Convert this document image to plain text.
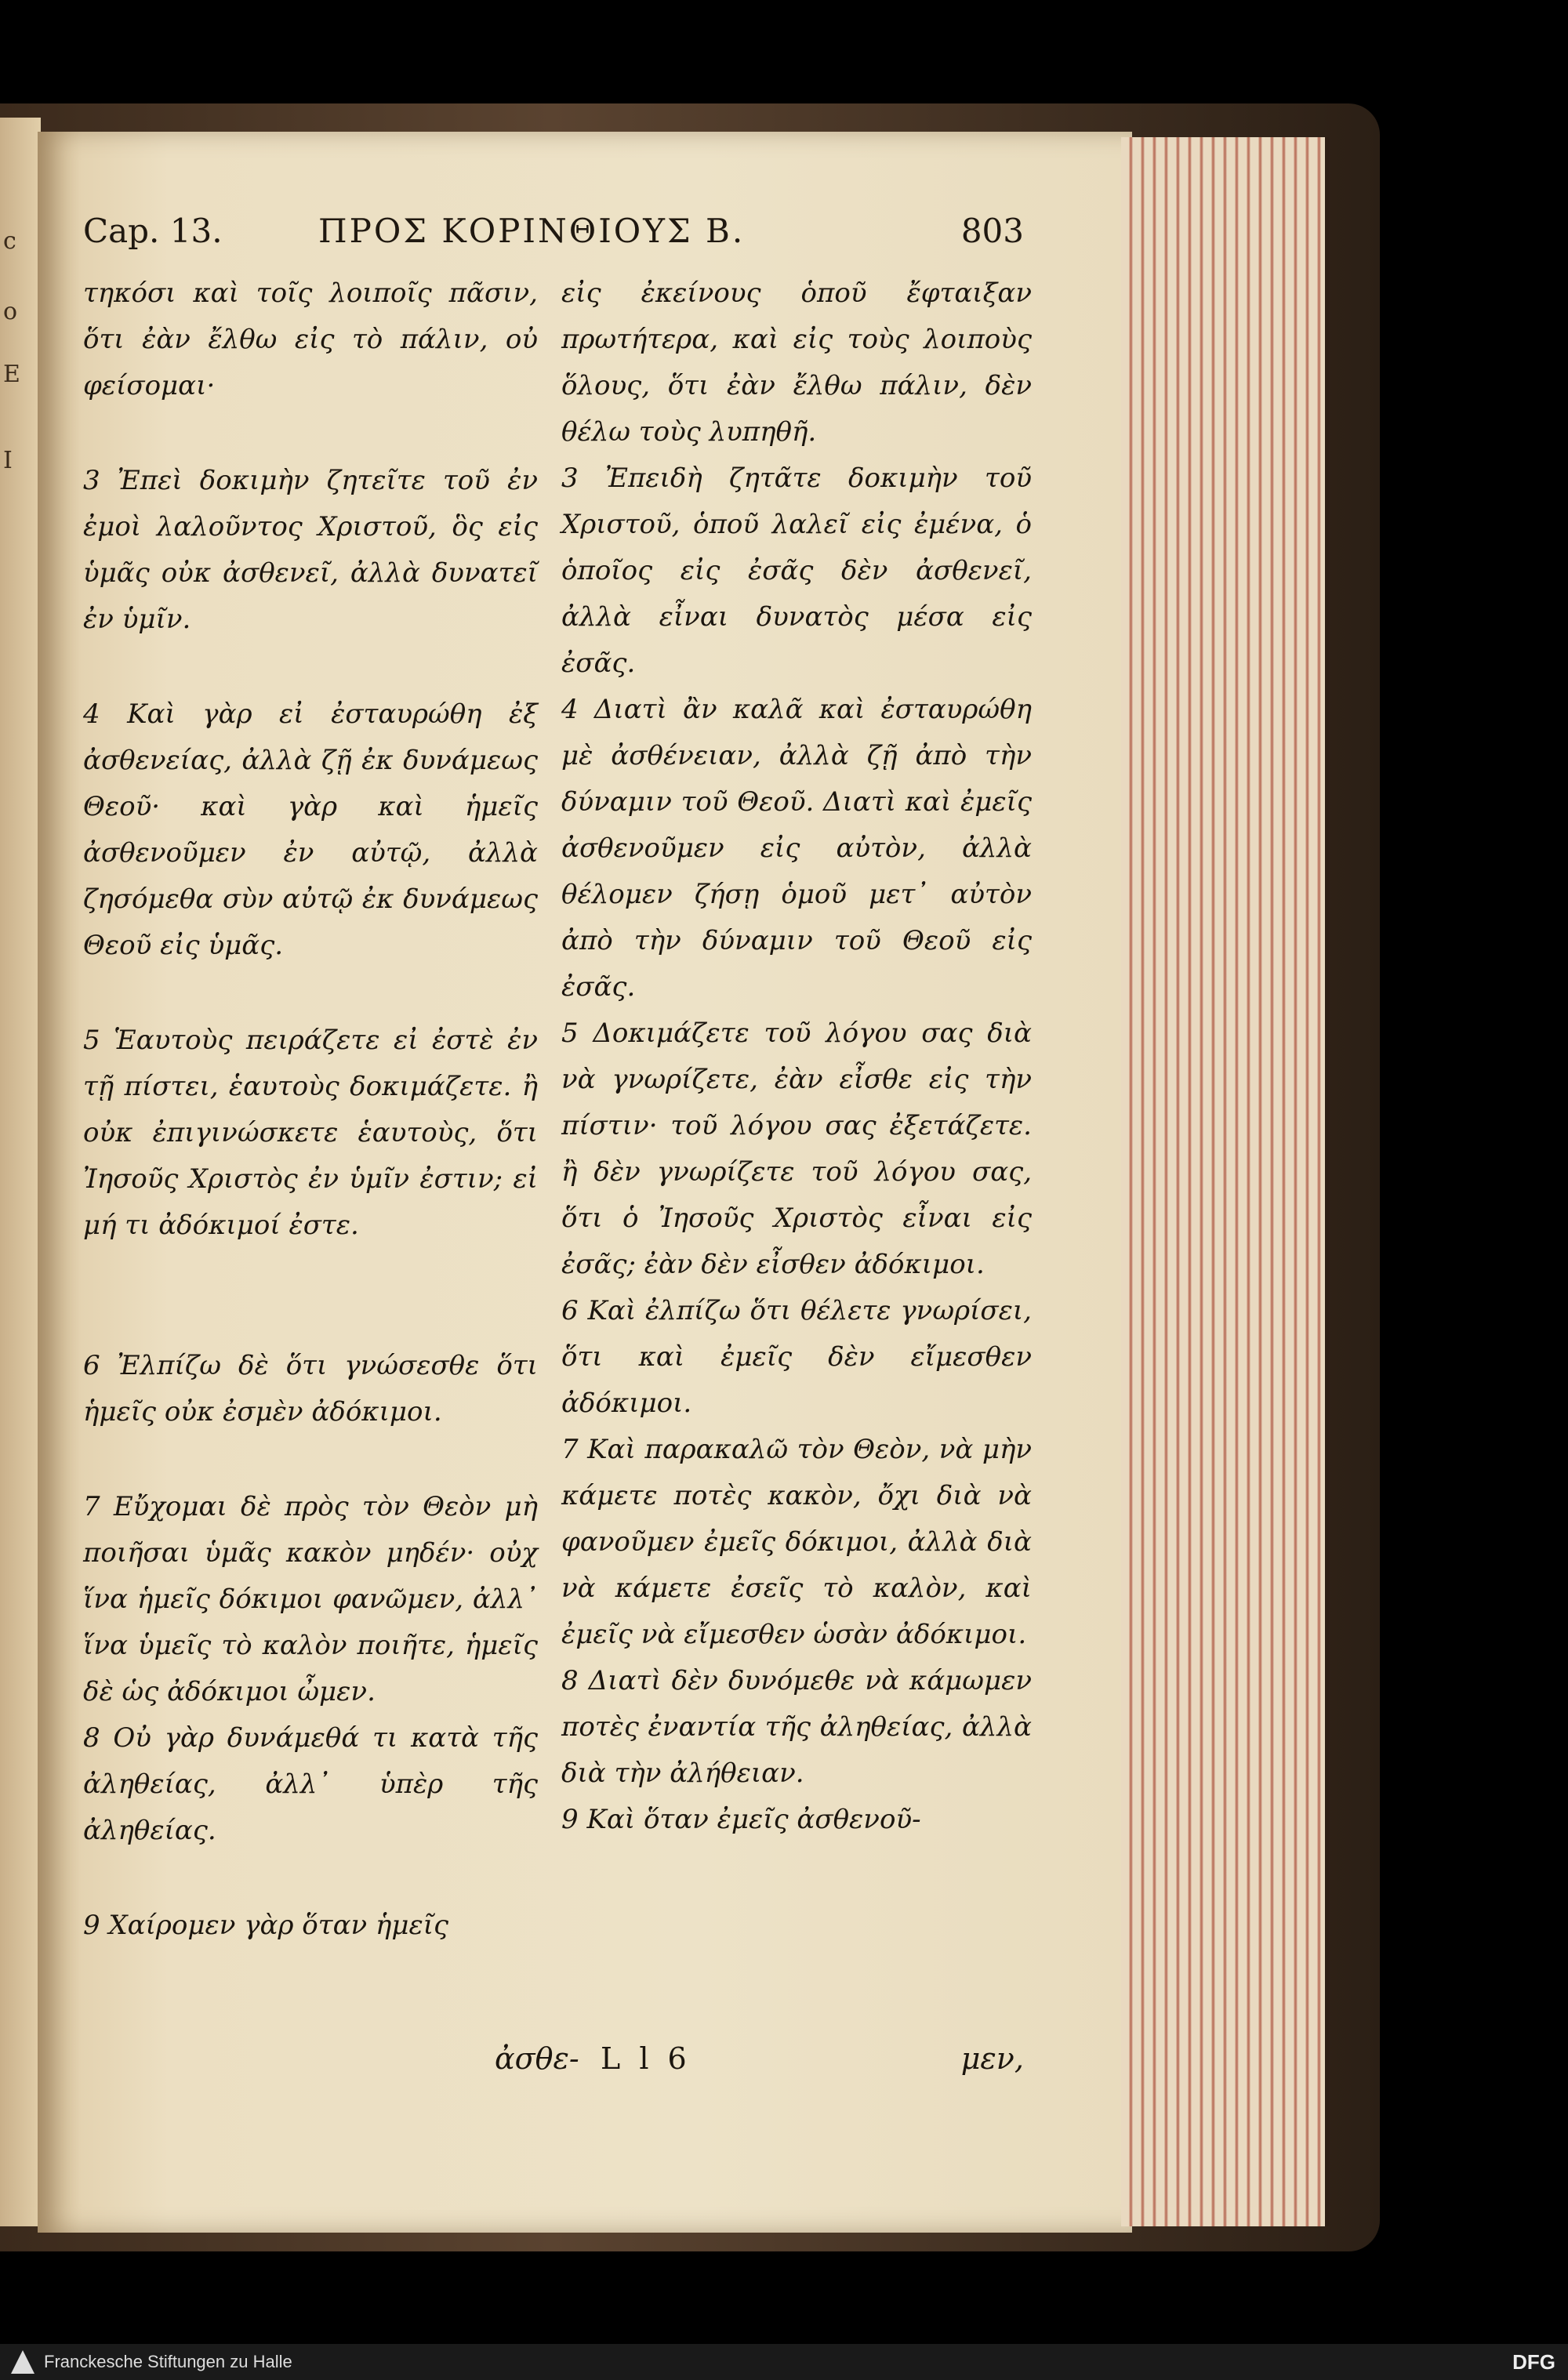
c
o
E
I
Cap. 13.	ΠΡΟΣ ΚΟΡΙΝΘΙΟΥΣ Β.	803

τηκόσι καὶ τοῖς λοιποῖς πᾶσιν, ὅτι ἐὰν ἔλθω εἰς τὸ πάλιν, οὐ φείσομαι·

3 Ἐπεὶ δοκιμὴν ζητεῖτε τοῦ ἐν ἐμοὶ λαλοῦντος Χριστοῦ, ὃς εἰς ὑμᾶς οὐκ ἀσθενεῖ, ἀλλὰ δυνατεῖ ἐν ὑμῖν.

4 Καὶ γὰρ εἰ ἐσταυρώθη ἐξ ἀσθενείας, ἀλλὰ ζῇ ἐκ δυνάμεως Θεοῦ· καὶ γὰρ καὶ ἡμεῖς ἀσθενοῦμεν ἐν αὐτῷ, ἀλλὰ ζησόμεθα σὺν αὐτῷ ἐκ δυνάμεως Θεοῦ εἰς ὑμᾶς.

5 Ἑαυτοὺς πειράζετε εἰ ἐστὲ ἐν τῇ πίστει, ἑαυτοὺς δοκιμάζετε. ἢ οὐκ ἐπιγινώσκετε ἑαυτοὺς, ὅτι Ἰησοῦς Χριστὸς ἐν ὑμῖν ἐστιν; εἰ μή τι ἀδόκιμοί ἐστε.

6 Ἐλπίζω δὲ ὅτι γνώσεσθε ὅτι ἡμεῖς οὐκ ἐσμὲν ἀδόκιμοι.

7 Εὔχομαι δὲ πρὸς τὸν Θεὸν μὴ ποιῆσαι ὑμᾶς κακὸν μηδέν· οὐχ ἵνα ἡμεῖς δόκιμοι φανῶμεν, ἀλλ᾽ ἵνα ὑμεῖς τὸ καλὸν ποιῆτε, ἡμεῖς δὲ ὡς ἀδόκιμοι ὦμεν.

8 Οὐ γὰρ δυνάμεθά τι κατὰ τῆς ἀληθείας, ἀλλ᾽ ὑπὲρ τῆς ἀληθείας.

9 Χαίρομεν γὰρ ὅταν ἡμεῖς

εἰς ἐκείνους ὁποῦ ἔφταιξαν πρωτήτερα, καὶ εἰς τοὺς λοιποὺς ὅλους, ὅτι ἐὰν ἔλθω πάλιν, δὲν θέλω τοὺς λυπηθῆ.

3 Ἐπειδὴ ζητᾶτε δοκιμὴν τοῦ Χριστοῦ, ὁποῦ λαλεῖ εἰς ἐμένα, ὁ ὁποῖος εἰς ἐσᾶς δὲν ἀσθενεῖ, ἀλλὰ εἶναι δυνατὸς μέσα εἰς ἐσᾶς.

4 Διατὶ ἂν καλᾶ καὶ ἐσταυρώθη μὲ ἀσθένειαν, ἀλλὰ ζῇ ἀπὸ τὴν δύναμιν τοῦ Θεοῦ. Διατὶ καὶ ἐμεῖς ἀσθενοῦμεν εἰς αὐτὸν, ἀλλὰ θέλομεν ζήσῃ ὁμοῦ μετ᾽ αὐτὸν ἀπὸ τὴν δύναμιν τοῦ Θεοῦ εἰς ἐσᾶς.

5 Δοκιμάζετε τοῦ λόγου σας διὰ νὰ γνωρίζετε, ἐὰν εἶσθε εἰς τὴν πίστιν· τοῦ λόγου σας ἐξετάζετε. ἢ δὲν γνωρίζετε τοῦ λόγου σας, ὅτι ὁ Ἰησοῦς Χριστὸς εἶναι εἰς ἐσᾶς; ἐὰν δὲν εἶσθεν ἀδόκιμοι.

6 Καὶ ἐλπίζω ὅτι θέλετε γνωρίσει, ὅτι καὶ ἐμεῖς δὲν εἴμεσθεν ἀδόκιμοι.

7 Καὶ παρακαλῶ τὸν Θεὸν, νὰ μὴν κάμετε ποτὲς κακὸν, ὄχι διὰ νὰ φανοῦμεν ἐμεῖς δόκιμοι, ἀλλὰ διὰ νὰ κάμετε ἐσεῖς τὸ καλὸν, καὶ ἐμεῖς νὰ εἴμεσθεν ὡσὰν ἀδόκιμοι.

8 Διατὶ δὲν δυνόμεθε νὰ κάμωμεν ποτὲς ἐναντία τῆς ἀληθείας, ἀλλὰ διὰ τὴν ἀλήθειαν.

9 Καὶ ὅταν ἐμεῖς ἀσθενοῦ-

ἀσθε- L l 6	μεν,
Franckesche Stiftungen zu Halle	DFG
